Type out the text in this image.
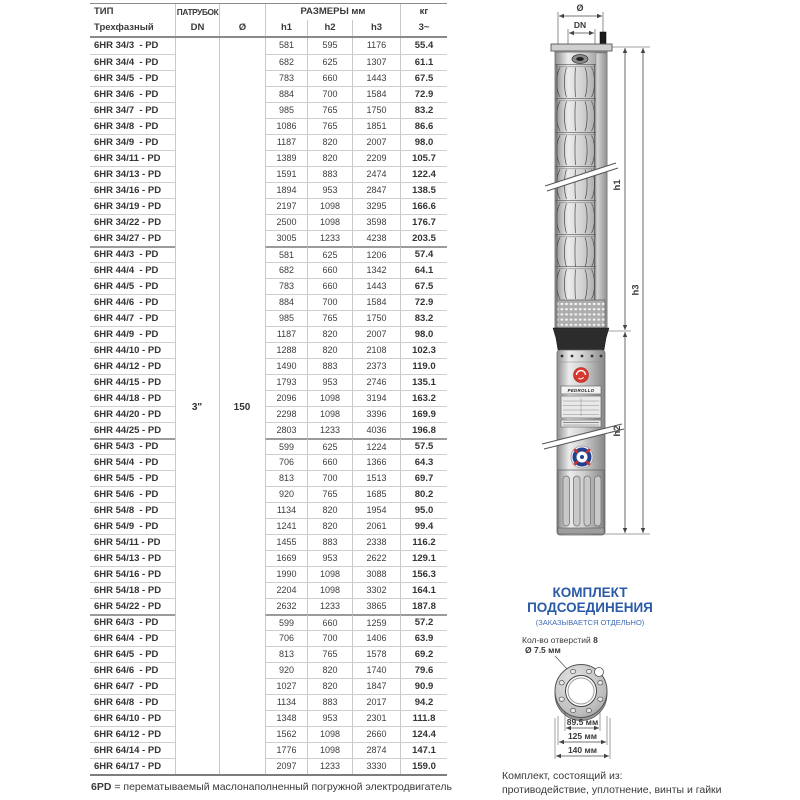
ТИП	ПАТРУБОК	РАЗМЕРЫ мм	кг
Трехфазный	DN	Ø	h1	h2	h3	3~
6HR 34/3  - PD	581	595	1176	55.4
6HR 34/4  - PD	682	625	1307	61.1
6HR 34/5  - PD	783	660	1443	67.5
6HR 34/6  - PD	884	700	1584	72.9
6HR 34/7  - PD	985	765	1750	83.2
6HR 34/8  - PD	1086	765	1851	86.6
6HR 34/9  - PD	1187	820	2007	98.0
6HR 34/11 - PD	1389	820	2209	105.7
6HR 34/13 - PD	1591	883	2474	122.4
6HR 34/16 - PD	1894	953	2847	138.5
6HR 34/19 - PD	2197	1098	3295	166.6
6HR 34/22 - PD	2500	1098	3598	176.7
6HR 34/27 - PD	3005	1233	4238	203.5
6HR 44/3  - PD	581	625	1206	57.4
6HR 44/4  - PD	682	660	1342	64.1
6HR 44/5  - PD	783	660	1443	67.5
6HR 44/6  - PD	884	700	1584	72.9
6HR 44/7  - PD	985	765	1750	83.2
6HR 44/9  - PD	1187	820	2007	98.0
6HR 44/10 - PD	1288	820	2108	102.3
6HR 44/12 - PD	1490	883	2373	119.0
6HR 44/15 - PD	1793	953	2746	135.1
6HR 44/18 - PD	2096	1098	3194	163.2
6HR 44/20 - PD	2298	1098	3396	169.9
6HR 44/25 - PD	2803	1233	4036	196.8
6HR 54/3  - PD	599	625	1224	57.5
6HR 54/4  - PD	706	660	1366	64.3
6HR 54/5  - PD	813	700	1513	69.7
6HR 54/6  - PD	920	765	1685	80.2
6HR 54/8  - PD	1134	820	1954	95.0
6HR 54/9  - PD	1241	820	2061	99.4
6HR 54/11 - PD	1455	883	2338	116.2
6HR 54/13 - PD	1669	953	2622	129.1
6HR 54/16 - PD	1990	1098	3088	156.3
6HR 54/18 - PD	2204	1098	3302	164.1
6HR 54/22 - PD	2632	1233	3865	187.8
6HR 64/3  - PD	599	660	1259	57.2
6HR 64/4  - PD	706	700	1406	63.9
6HR 64/5  - PD	813	765	1578	69.2
6HR 64/6  - PD	920	820	1740	79.6
6HR 64/7  - PD	1027	820	1847	90.9
6HR 64/8  - PD	1134	883	2017	94.2
6HR 64/10 - PD	1348	953	2301	111.8
6HR 64/12 - PD	1562	1098	2660	124.4
6HR 64/14 - PD	1776	1098	2874	147.1
6HR 64/17 - PD	2097	1233	3330	159.0
3"	150
Ø
DN
PEDROLLO
h1
h2
h3
КОМПЛЕКТ
ПОДСОЕДИНЕНИЯ
(ЗАКАЗЫВАЕТСЯ ОТДЕЛЬНО)
Кол-во отверстий 8
Ø 7.5 мм
89.5 мм
125 мм
140 мм
Комплект, состоящий из:
противодействие, уплотнение, винты и гайки
6PD = перематываемый маслонаполненный погружной электродвигатель
